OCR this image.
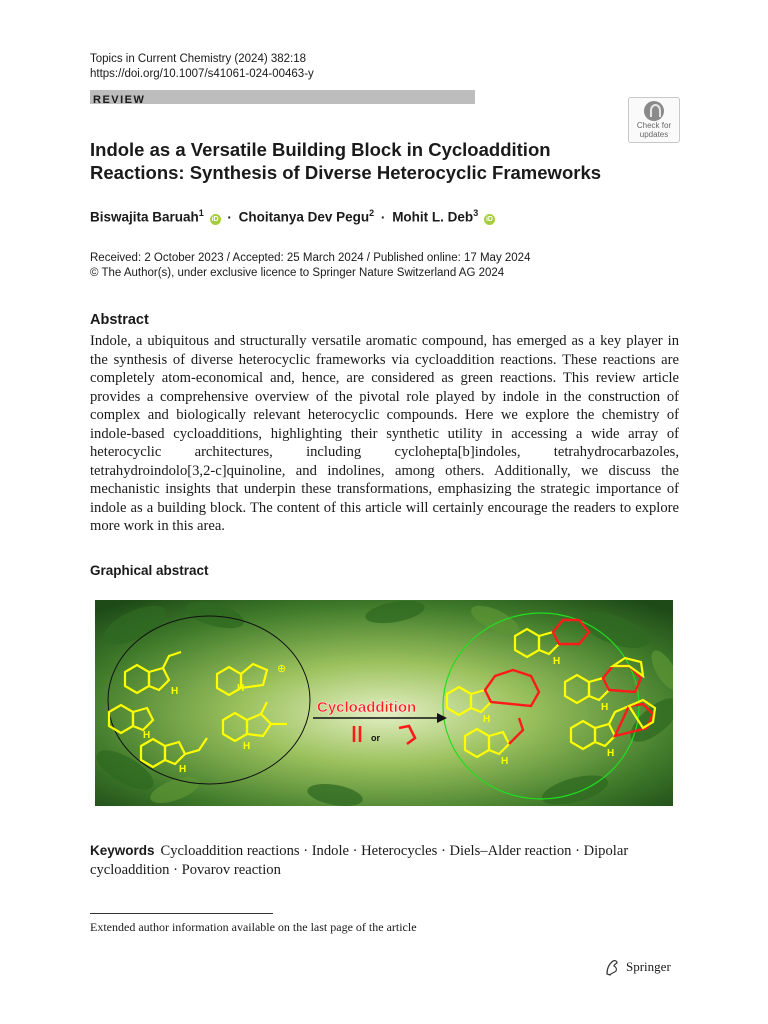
Topics in Current Chemistry (2024) 382:18
https://doi.org/10.1007/s41061-024-00463-y
REVIEW
Check for updates
Indole as a Versatile Building Block in Cycloaddition Reactions: Synthesis of Diverse Heterocyclic Frameworks
Biswajita Baruah$^1$ iD · Choitanya Dev Pegu$^2$ · Mohit L. Deb$^3$ iD
Received: 2 October 2023 / Accepted: 25 March 2024 / Published online: 17 May 2024
© The Author(s), under exclusive licence to Springer Nature Switzerland AG 2024
Abstract
Indole, a ubiquitous and structurally versatile aromatic compound, has emerged as a key player in the synthesis of diverse heterocyclic frameworks via cycloaddition reactions. These reactions are completely atom-economical and, hence, are considered as green reactions. This review article provides a comprehensive overview of the pivotal role played by indole in the construction of complex and biologically relevant heterocyclic compounds. Here we explore the chemistry of indole-based cycloadditions, highlighting their synthetic utility in accessing a wide array of heterocyclic architectures, including cyclohepta[b]indoles, tetrahydrocarbazoles, tetrahydroindolo[3,2-c]quinoline, and indolines, among others. Additionally, we discuss the mechanistic insights that underpin these transformations, emphasizing the strategic importance of indole as a building block. The content of this article will certainly encourage the readers to explore more work in this area.
Graphical abstract
H
H
H
H
H
⊕
Cycloaddition
or
H
H
H
H
H
Keywords Cycloaddition reactions · Indole · Heterocycles · Diels–Alder reaction · Dipolar cycloaddition · Povarov reaction
Extended author information available on the last page of the article
Springer
